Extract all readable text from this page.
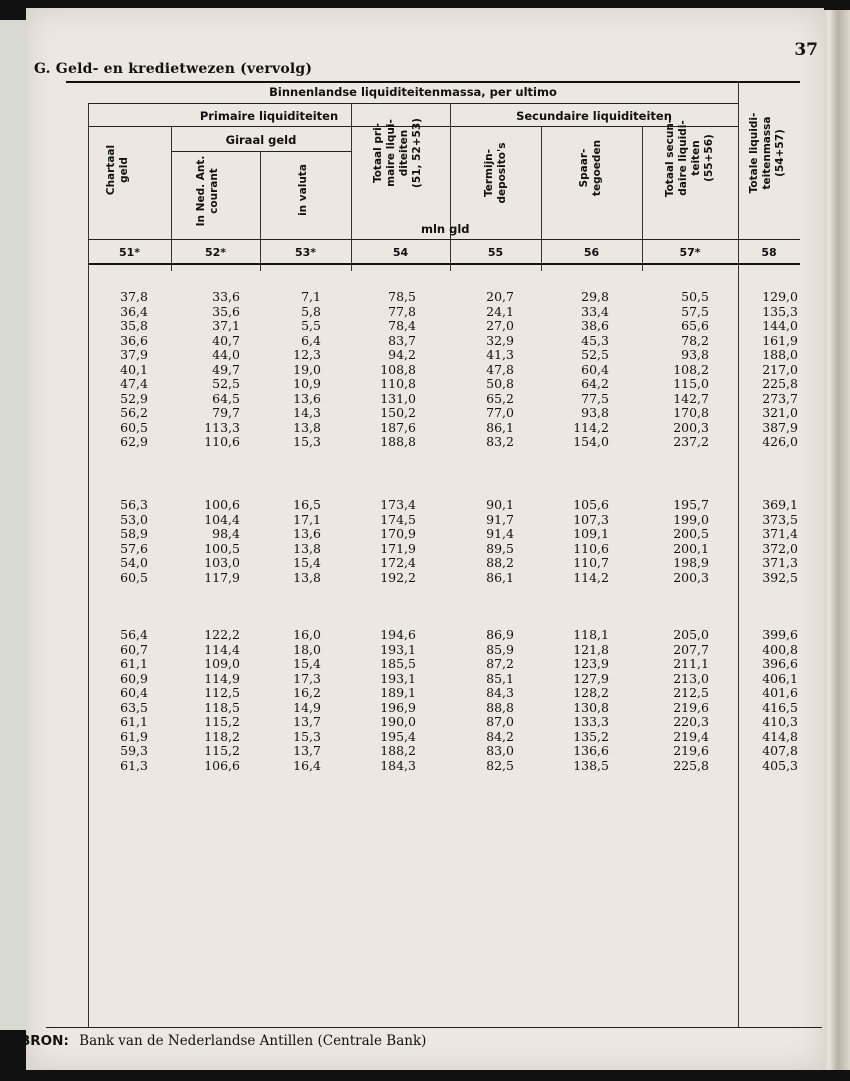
37
G. Geld- en kredietwezen (vervolg)
Binnenlandse liquiditeitenmassa, per ultimo
Primaire liquiditeiten	Secundaire liquiditeiten
Giraal geld
Chartaal
geld
In Ned. Ant.
courant	in valuta	Totaal pri-
maire liqui-
diteiten
(51, 52+53)
Termijn-
deposito's	Spaar-
tegoeden	Totaal secun-
daire liquidi-
teiten
(55+56)	Totale liquidi-
teitenmassa
(54+57)
mln gld
51*	52*	53*	54	55	56	57*	58
37,8	33,6	7,1	78,5	20,7	29,8	50,5	129,0
36,4	35,6	5,8	77,8	24,1	33,4	57,5	135,3
35,8	37,1	5,5	78,4	27,0	38,6	65,6	144,0
36,6	40,7	6,4	83,7	32,9	45,3	78,2	161,9
37,9	44,0	12,3	94,2	41,3	52,5	93,8	188,0
40,1	49,7	19,0	108,8	47,8	60,4	108,2	217,0
47,4	52,5	10,9	110,8	50,8	64,2	115,0	225,8
52,9	64,5	13,6	131,0	65,2	77,5	142,7	273,7
56,2	79,7	14,3	150,2	77,0	93,8	170,8	321,0
60,5	113,3	13,8	187,6	86,1	114,2	200,3	387,9
62,9	110,6	15,3	188,8	83,2	154,0	237,2	426,0
56,3	100,6	16,5	173,4	90,1	105,6	195,7	369,1
53,0	104,4	17,1	174,5	91,7	107,3	199,0	373,5
58,9	98,4	13,6	170,9	91,4	109,1	200,5	371,4
57,6	100,5	13,8	171,9	89,5	110,6	200,1	372,0
54,0	103,0	15,4	172,4	88,2	110,7	198,9	371,3
60,5	117,9	13,8	192,2	86,1	114,2	200,3	392,5
56,4	122,2	16,0	194,6	86,9	118,1	205,0	399,6
60,7	114,4	18,0	193,1	85,9	121,8	207,7	400,8
61,1	109,0	15,4	185,5	87,2	123,9	211,1	396,6
60,9	114,9	17,3	193,1	85,1	127,9	213,0	406,1
60,4	112,5	16,2	189,1	84,3	128,2	212,5	401,6
63,5	118,5	14,9	196,9	88,8	130,8	219,6	416,5
61,1	115,2	13,7	190,0	87,0	133,3	220,3	410,3
61,9	118,2	15,3	195,4	84,2	135,2	219,4	414,8
59,3	115,2	13,7	188,2	83,0	136,6	219,6	407,8
61,3	106,6	16,4	184,3	82,5	138,5	225,8	405,3
BRON: Bank van de Nederlandse Antillen (Centrale Bank)
